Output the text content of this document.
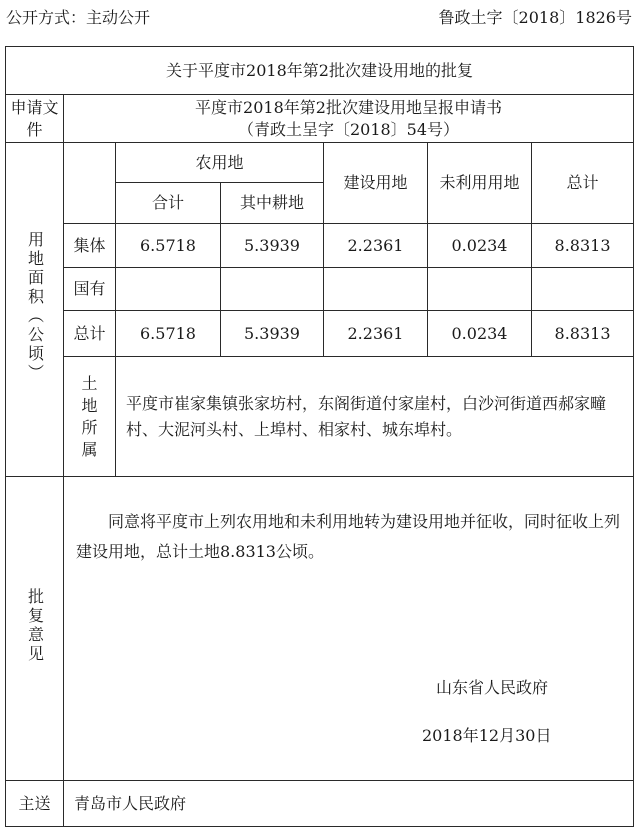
公开方式：主动公开	鲁政土字〔2018〕1826号
关于平度市2018年第2批次建设用地的批复						
申请文件	平度市2018年第2批次建设用地呈报申请书
（青政土呈字〔2018〕54号）					

用地面积（公顷）		农用地		建设用地	未利用用地	总计
		合计	其中耕地			
	集体	6.5718	5.3939	2.2361	0.0234	8.8313
	国有					
	总计	6.5718	5.3939	2.2361	0.0234	8.8313
	土地所属	平度市崔家集镇张家坊村，东阁街道付家崖村，白沙河街道西郝家疃村、大泥河头村、上埠村、相家村、城东埠村。				
批复意见	同意将平度市上列农用地和未利用地转为建设用地并征收，同时征收上列建设用地，总计土地8.8313公顷。
山东省人民政府
2018年12月30日					

主送	青岛市人民政府					
